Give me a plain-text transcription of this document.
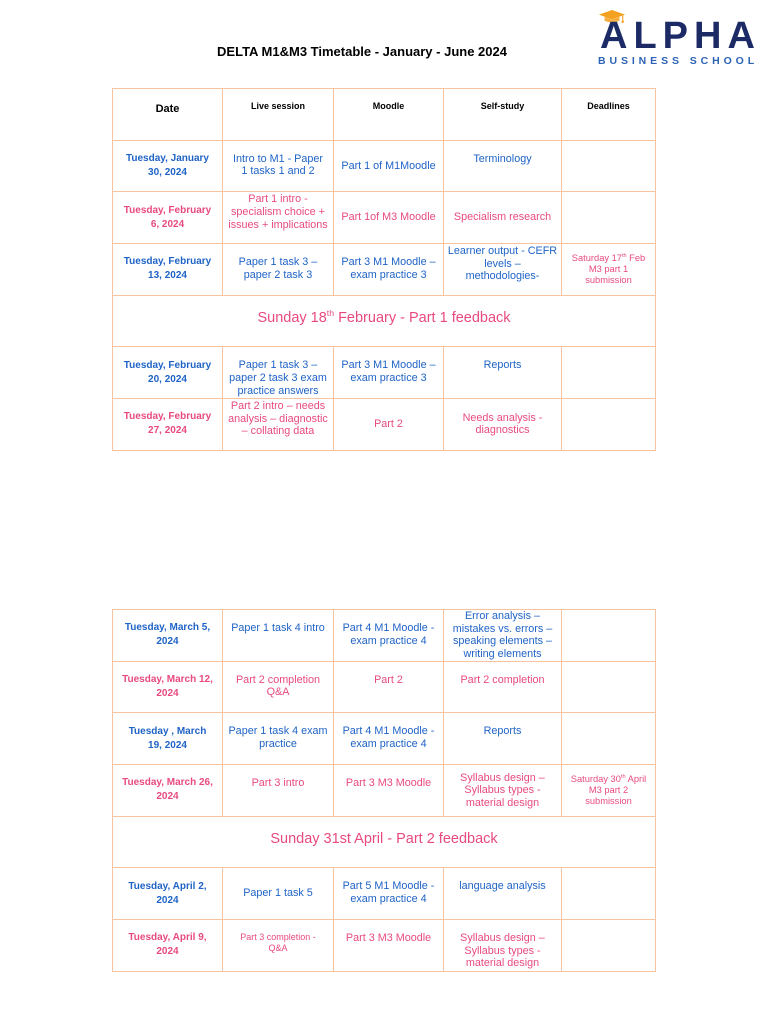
DELTA M1&M3 Timetable - January - June 2024	ALPHA
BUSINESS SCHOOL
Date	Live session	Moodle	Self-study	Deadlines
Tuesday, January
30, 2024	Intro to M1 - Paper
1 tasks 1 and 2	Part 1 of M1Moodle	Terminology	
Tuesday, February
6, 2024	Part 1 intro -
specialism choice +
issues + implications	Part 1of M3 Moodle	Specialism research	
Tuesday, February
13, 2024	Paper 1 task 3 –
paper 2 task 3	Part 3 M1 Moodle –
exam practice 3	Learner output - CEFR
levels –
methodologies-	Saturday 17th Feb
M3 part 1
submission
Sunday 18th February - Part 1 feedback				
Tuesday, February
20, 2024	Paper 1 task 3 –
paper 2 task 3 exam
practice answers	Part 3 M1 Moodle –
exam practice 3	Reports	
Tuesday, February
27, 2024	Part 2 intro – needs
analysis – diagnostic
– collating data	Part 2	Needs analysis -
diagnostics	
Tuesday, March 5,
2024	Paper 1 task 4 intro	Part 4 M1 Moodle -
exam practice 4	Error analysis –
mistakes vs. errors –
speaking elements –
writing elements	
Tuesday, March 12,
2024	Part 2 completion
Q&A	Part 2	Part 2 completion	
Tuesday , March
19, 2024	Paper 1 task 4 exam
practice	Part 4 M1 Moodle -
exam practice 4	Reports	
Tuesday, March 26,
2024	Part 3 intro	Part 3 M3 Moodle	Syllabus design –
Syllabus types -
material design	Saturday 30th April
M3 part 2
submission
Sunday 31st April - Part 2 feedback				
Tuesday, April 2,
2024	Paper 1 task 5	Part 5 M1 Moodle -
exam practice 4	language analysis	
Tuesday, April 9,
2024	Part 3 completion -
Q&A	Part 3 M3 Moodle	Syllabus design –
Syllabus types -
material design	
